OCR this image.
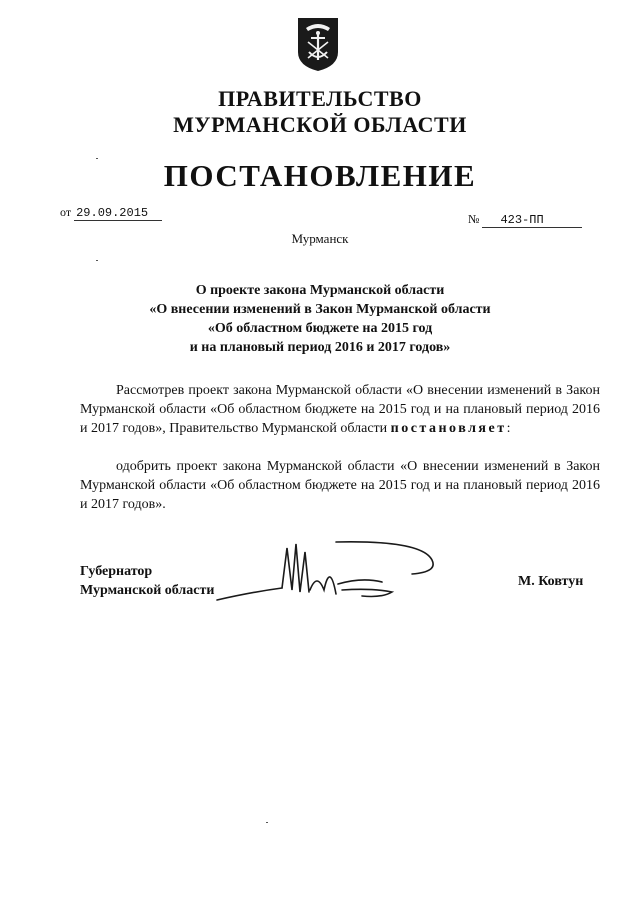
ПРАВИТЕЛЬСТВО
МУРМАНСКОЙ ОБЛАСТИ
ПОСТАНОВЛЕНИЕ
от 29.09.2015	№ 423-ПП
Мурманск
О проекте закона Мурманской области
«О внесении изменений в Закон Мурманской области
«Об областном бюджете на 2015 год
и на плановый период 2016 и 2017 годов»
Рассмотрев проект закона Мурманской области «О внесении изменений в Закон Мурманской области «Об областном бюджете на 2015 год и на плановый период 2016 и 2017 годов», Правительство Мурманской области постановляет:
одобрить проект закона Мурманской области «О внесении изменений в Закон Мурманской области «Об областном бюджете на 2015 год и на плановый период 2016 и 2017 годов».
Губернатор
Мурманской области
М. Ковтун
